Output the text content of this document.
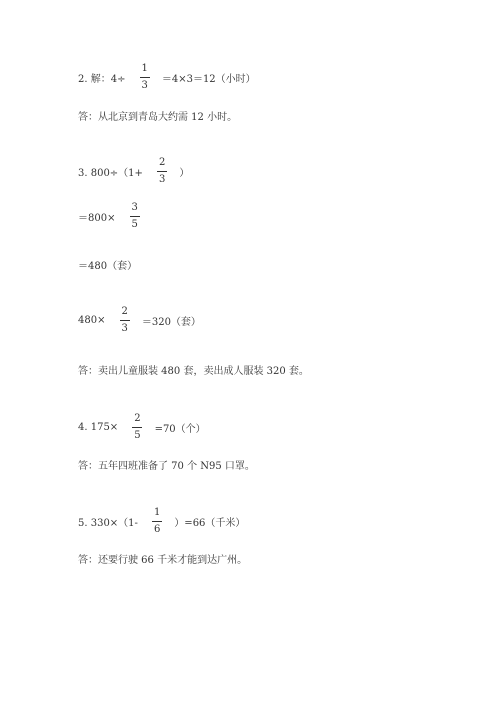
2. 解：$4\div \frac{1}{3} =4\times 3=12$（小时）
答：从北京到青岛大约需 12 小时。
3. $800\div(1+ \frac{2}{3}$ ）
$=800\times \frac{3}{5}$
＝480（套）
$480\times \frac{2}{3} =320$（套）
答：卖出儿童服装 480 套，卖出成人服装 320 套。
4. $175\times \frac{2}{5} =70$（个）
答：五年四班准备了 70 个 N95 口罩。
5. $330\times(1- \frac{1}{6} )=66$（千米）
答：还要行驶 66 千米才能到达广州。
